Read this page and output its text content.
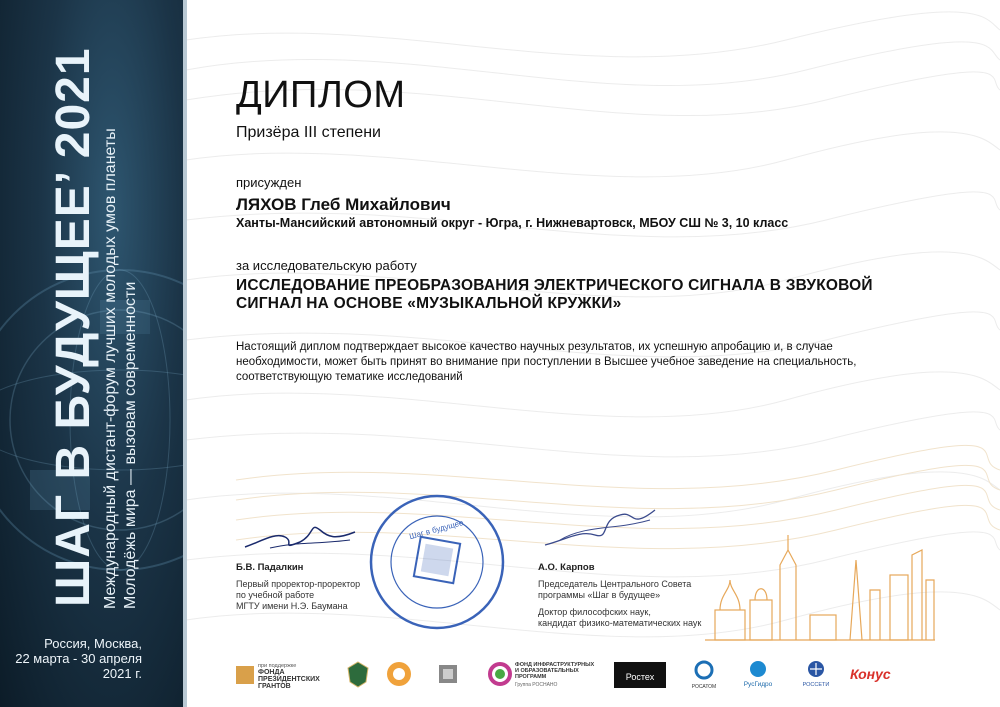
ШАГ В БУДУЩЕЕ’ 2021 Международный дистант-форум лучших молодых умов планеты Молодёжь мира — вызовам современности
Россия, Москва,
22 марта - 30 апреля
2021 г.
ДИПЛОМ
Призёра III степени
присужден
ЛЯХОВ Глеб Михайлович
Ханты-Мансийский автономный округ - Югра, г. Нижневартовск, МБОУ СШ № 3, 10 класс
за исследовательскую работу
ИССЛЕДОВАНИЕ ПРЕОБРАЗОВАНИЯ ЭЛЕКТРИЧЕСКОГО СИГНАЛА В ЗВУКОВОЙ
СИГНАЛ НА ОСНОВЕ «МУЗЫКАЛЬНОЙ КРУЖКИ»
Настоящий диплом подтверждает высокое качество научных результатов, их успешную апробацию и, в случае
необходимости, может быть принят во внимание при поступлении в Высшее учебное заведение на специальность,
соответствующую тематике исследований
Б.В. Падалкин
Первый проректор-проректор
по учебной работе
МГТУ имени Н.Э. Баумана
А.О. Карпов
Председатель Центрального Совета
программы «Шаг в будущее»
Доктор философских наук,
кандидат физико-математических наук
Шаг в будущее
при поддержке
ФОНДА
ПРЕЗИДЕНТСКИХ
ГРАНТОВ
ФОНД ИНФРАСТРУКТУРНЫХ
И ОБРАЗОВАТЕЛЬНЫХ
ПРОГРАММ
Группа РОСНАНО
Ростех
РОСАТОМ	РусГидро	РОССЕТИ
Конус
